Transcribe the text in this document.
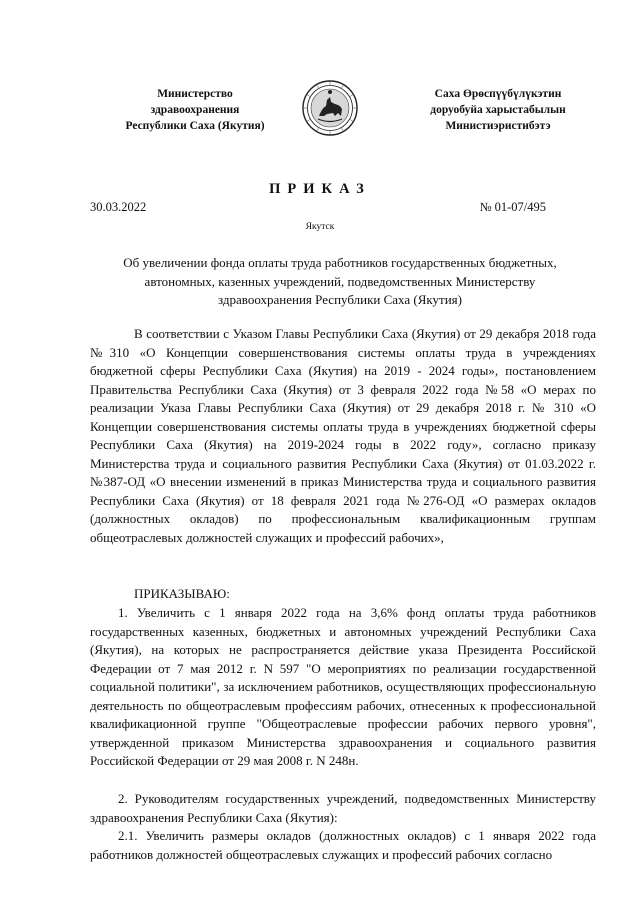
Министерство
здравоохранения
Республики Саха (Якутия)
Саха Өрөспүүбүлүкэтин
доруобуйа харыстабылын
Министиэристибэтэ
ПРИКАЗ
30.03.2022	№ 01-07/495
Якутск
Об увеличении фонда оплаты труда работников государственных бюджетных, автономных, казенных учреждений, подведомственных Министерству здравоохранения Республики Саха (Якутия)
В соответствии с Указом Главы Республики Саха (Якутия) от 29 декабря 2018 года №310 «О Концепции совершенствования системы оплаты труда в учреждениях бюджетной сферы Республики Саха (Якутия) на 2019 - 2024 годы», постановлением Правительства Республики Саха (Якутия) от 3 февраля 2022 года №58 «О мерах по реализации Указа Главы Республики Саха (Якутия) от 29 декабря 2018 г. № 310 «О Концепции совершенствования системы оплаты труда в учреждениях бюджетной сферы Республики Саха (Якутия) на 2019-2024 годы в 2022 году», согласно приказу Министерства труда и социального развития Республики Саха (Якутия) от 01.03.2022 г. №387-ОД «О внесении изменений в приказ Министерства труда и социального развития Республики Саха (Якутия) от 18 февраля 2021 года №276-ОД «О размерах окладов (должностных окладов) по профессиональным квалификационным группам общеотраслевых должностей служащих и профессий рабочих»,
ПРИКАЗЫВАЮ:
1. Увеличить с 1 января 2022 года на 3,6% фонд оплаты труда работников государственных казенных, бюджетных и автономных учреждений Республики Саха (Якутия), на которых не распространяется действие указа Президента Российской Федерации от 7 мая 2012 г. N 597 "О мероприятиях по реализации государственной социальной политики", за исключением работников, осуществляющих профессиональную деятельность по общеотраслевым профессиям рабочих, отнесенных к профессиональной квалификационной группе "Общеотраслевые профессии рабочих первого уровня", утвержденной приказом Министерства здравоохранения и социального развития Российской Федерации от 29 мая 2008 г. N 248н.
2. Руководителям государственных учреждений, подведомственных Министерству здравоохранения Республики Саха (Якутия):
2.1. Увеличить размеры окладов (должностных окладов) с 1 января 2022 года работников должностей общеотраслевых служащих и профессий рабочих согласно
